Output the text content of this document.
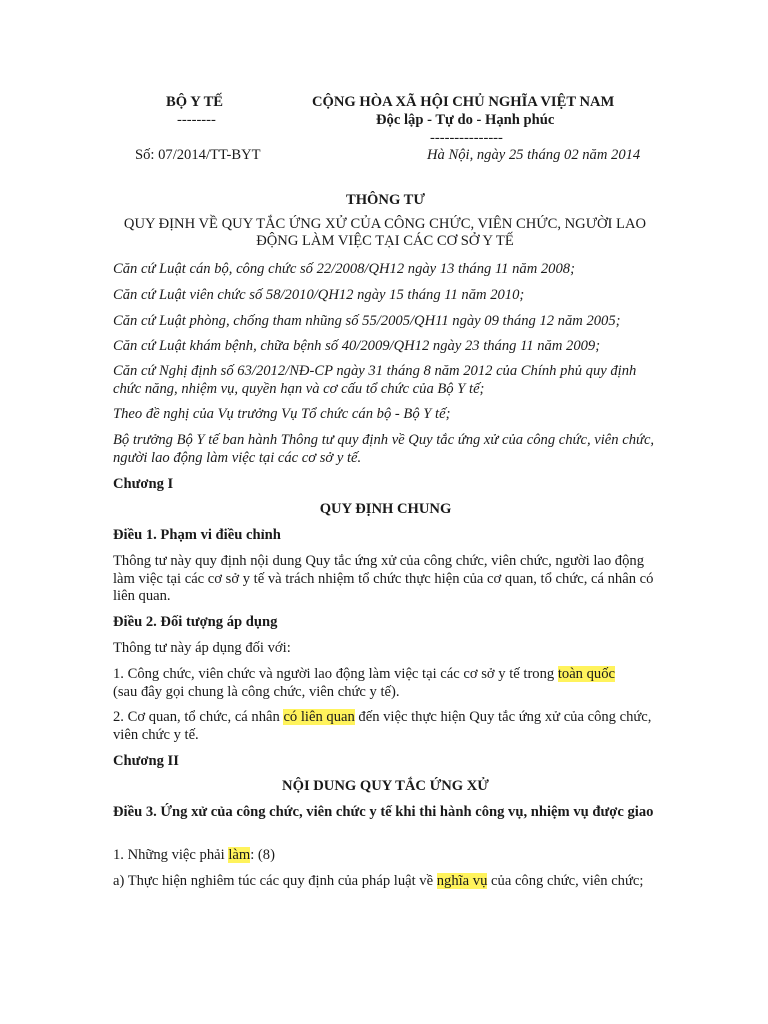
BỘ Y TẾ
--------
Số: 07/2014/TT-BYT
CỘNG HÒA XÃ HỘI CHỦ NGHĨA VIỆT NAM
Độc lập - Tự do - Hạnh phúc
---------------
Hà Nội, ngày 25 tháng 02 năm 2014
THÔNG TƯ
QUY ĐỊNH VỀ QUY TẮC ỨNG XỬ CỦA CÔNG CHỨC, VIÊN CHỨC, NGƯỜI LAO
ĐỘNG LÀM VIỆC TẠI CÁC CƠ SỞ Y TẾ
Căn cứ Luật cán bộ, công chức số 22/2008/QH12 ngày 13 tháng 11 năm 2008;
Căn cứ Luật viên chức số 58/2010/QH12 ngày 15 tháng 11 năm 2010;
Căn cứ Luật phòng, chống tham nhũng số 55/2005/QH11 ngày 09 tháng 12 năm 2005;
Căn cứ Luật khám bệnh, chữa bệnh số 40/2009/QH12 ngày 23 tháng 11 năm 2009;
Căn cứ Nghị định số 63/2012/NĐ-CP ngày 31 tháng 8 năm 2012 của Chính phủ quy định chức năng, nhiệm vụ, quyền hạn và cơ cấu tổ chức của Bộ Y tế;
Theo đề nghị của Vụ trưởng Vụ Tổ chức cán bộ - Bộ Y tế;
Bộ trưởng Bộ Y tế ban hành Thông tư quy định về Quy tắc ứng xử của công chức, viên chức, người lao động làm việc tại các cơ sở y tế.
Chương I
QUY ĐỊNH CHUNG
Điều 1. Phạm vi điều chỉnh
Thông tư này quy định nội dung Quy tắc ứng xử của công chức, viên chức, người lao động làm việc tại các cơ sở y tế và trách nhiệm tổ chức thực hiện của cơ quan, tổ chức, cá nhân có liên quan.
Điều 2. Đối tượng áp dụng
Thông tư này áp dụng đối với:
1. Công chức, viên chức và người lao động làm việc tại các cơ sở y tế trong toàn quốc
(sau đây gọi chung là công chức, viên chức y tế).
2. Cơ quan, tổ chức, cá nhân có liên quan đến việc thực hiện Quy tắc ứng xử của công chức, viên chức y tế.
Chương II
NỘI DUNG QUY TẮC ỨNG XỬ
Điều 3. Ứng xử của công chức, viên chức y tế khi thi hành công vụ, nhiệm vụ được giao
1. Những việc phải làm: (8)
a) Thực hiện nghiêm túc các quy định của pháp luật về nghĩa vụ của công chức, viên chức;
